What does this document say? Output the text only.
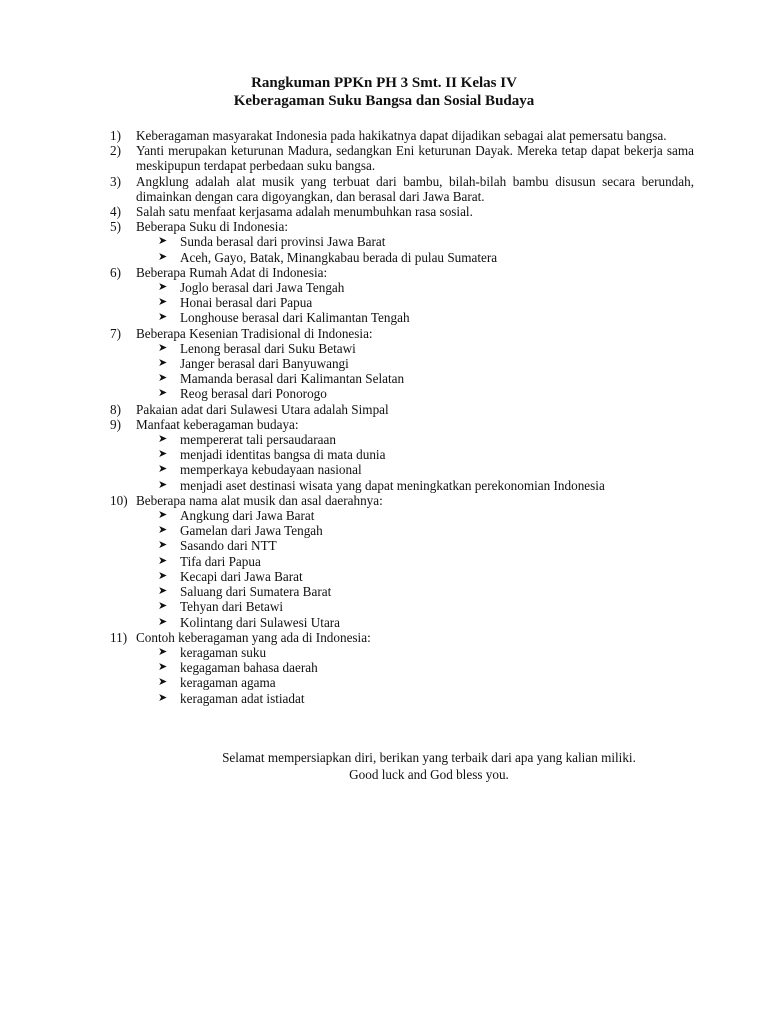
Rangkuman PPKn PH 3 Smt. II Kelas IV
Keberagaman Suku Bangsa dan Sosial Budaya
1)	Keberagaman masyarakat Indonesia pada hakikatnya dapat dijadikan sebagai alat pemersatu bangsa.
2)	Yanti merupakan keturunan Madura, sedangkan Eni keturunan Dayak. Mereka tetap dapat bekerja sama meskipupun terdapat perbedaan suku bangsa.
3)	Angklung adalah alat musik yang terbuat dari bambu, bilah-bilah bambu disusun secara berundah, dimainkan dengan cara digoyangkan, dan berasal dari Jawa Barat.
4)	Salah satu menfaat kerjasama adalah menumbuhkan rasa sosial.
5)	Beberapa Suku di Indonesia:
➤ Sunda berasal dari provinsi Jawa Barat
➤ Aceh, Gayo, Batak, Minangkabau berada di pulau Sumatera
6)	Beberapa Rumah Adat di Indonesia:
➤ Joglo berasal dari Jawa Tengah
➤ Honai berasal dari Papua
➤ Longhouse berasal dari Kalimantan Tengah
7)	Beberapa Kesenian Tradisional di Indonesia:
➤ Lenong berasal dari Suku Betawi
➤ Janger berasal dari Banyuwangi
➤ Mamanda berasal dari Kalimantan Selatan
➤ Reog berasal dari Ponorogo
8)	Pakaian adat dari Sulawesi Utara adalah Simpal
9)	Manfaat keberagaman budaya:
➤ mempererat tali persaudaraan
➤ menjadi identitas bangsa di mata dunia
➤ memperkaya kebudayaan nasional
➤ menjadi aset destinasi wisata yang dapat meningkatkan perekonomian Indonesia
10) Beberapa nama alat musik dan asal daerahnya:
➤ Angkung dari Jawa Barat
➤ Gamelan dari Jawa Tengah
➤ Sasando dari NTT
➤ Tifa dari Papua
➤ Kecapi dari Jawa Barat
➤ Saluang dari Sumatera Barat
➤ Tehyan dari Betawi
➤ Kolintang dari Sulawesi Utara
11) Contoh keberagaman yang ada di Indonesia:
➤ keragaman suku
➤ kegagaman bahasa daerah
➤ keragaman agama
➤ keragaman adat istiadat
Selamat mempersiapkan diri, berikan yang terbaik dari apa yang kalian miliki.
Good luck and God bless you.
